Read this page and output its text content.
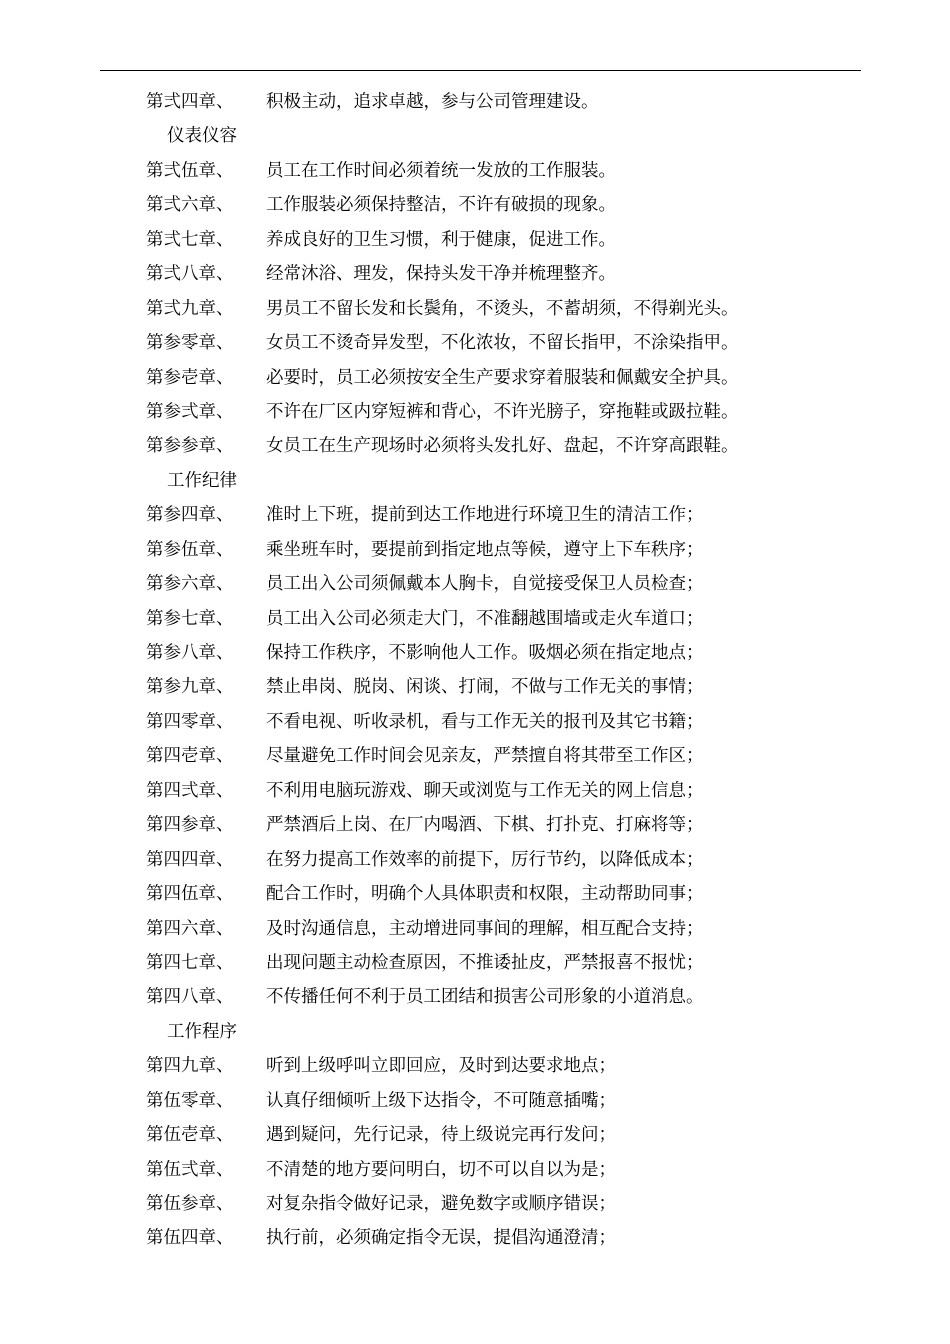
第弍四章、 积极主动，追求卓越，参与公司管理建设。
仪表仪容
第弍伍章、 员工在工作时间必须着统一发放的工作服装。
第弍六章、 工作服装必须保持整洁，不许有破损的现象。
第弍七章、 养成良好的卫生习惯，利于健康，促进工作。
第弍八章、 经常沐浴、理发，保持头发干净并梳理整齐。
第弍九章、 男员工不留长发和长鬓角，不烫头，不蓄胡须，不得剃光头。
第参零章、 女员工不烫奇异发型，不化浓妆，不留长指甲，不涂染指甲。
第参壱章、 必要时，员工必须按安全生产要求穿着服装和佩戴安全护具。
第参弍章、 不许在厂区内穿短裤和背心，不许光膀子，穿拖鞋或趿拉鞋。
第参参章、 女员工在生产现场时必须将头发扎好、盘起，不许穿高跟鞋。
工作纪律
第参四章、 准时上下班，提前到达工作地进行环境卫生的清洁工作；
第参伍章、 乘坐班车时，要提前到指定地点等候，遵守上下车秩序；
第参六章、 员工出入公司须佩戴本人胸卡，自觉接受保卫人员检查；
第参七章、 员工出入公司必须走大门，不准翻越围墙或走火车道口；
第参八章、 保持工作秩序，不影响他人工作。吸烟必须在指定地点；
第参九章、 禁止串岗、脱岗、闲谈、打闹，不做与工作无关的事情；
第四零章、 不看电视、听收录机，看与工作无关的报刊及其它书籍；
第四壱章、 尽量避免工作时间会见亲友，严禁擅自将其带至工作区；
第四弍章、 不利用电脑玩游戏、聊天或浏览与工作无关的网上信息；
第四参章、 严禁酒后上岗、在厂内喝酒、下棋、打扑克、打麻将等；
第四四章、 在努力提高工作效率的前提下，厉行节约，以降低成本；
第四伍章、 配合工作时，明确个人具体职责和权限，主动帮助同事；
第四六章、 及时沟通信息，主动增进同事间的理解，相互配合支持；
第四七章、 出现问题主动检查原因，不推诿扯皮，严禁报喜不报忧；
第四八章、 不传播任何不利于员工团结和损害公司形象的小道消息。
工作程序
第四九章、 听到上级呼叫立即回应，及时到达要求地点；
第伍零章、 认真仔细倾听上级下达指令，不可随意插嘴；
第伍壱章、 遇到疑问，先行记录，待上级说完再行发问；
第伍弍章、 不清楚的地方要问明白，切不可以自以为是；
第伍参章、 对复杂指令做好记录，避免数字或顺序错误；
第伍四章、 执行前，必须确定指令无误，提倡沟通澄清；
